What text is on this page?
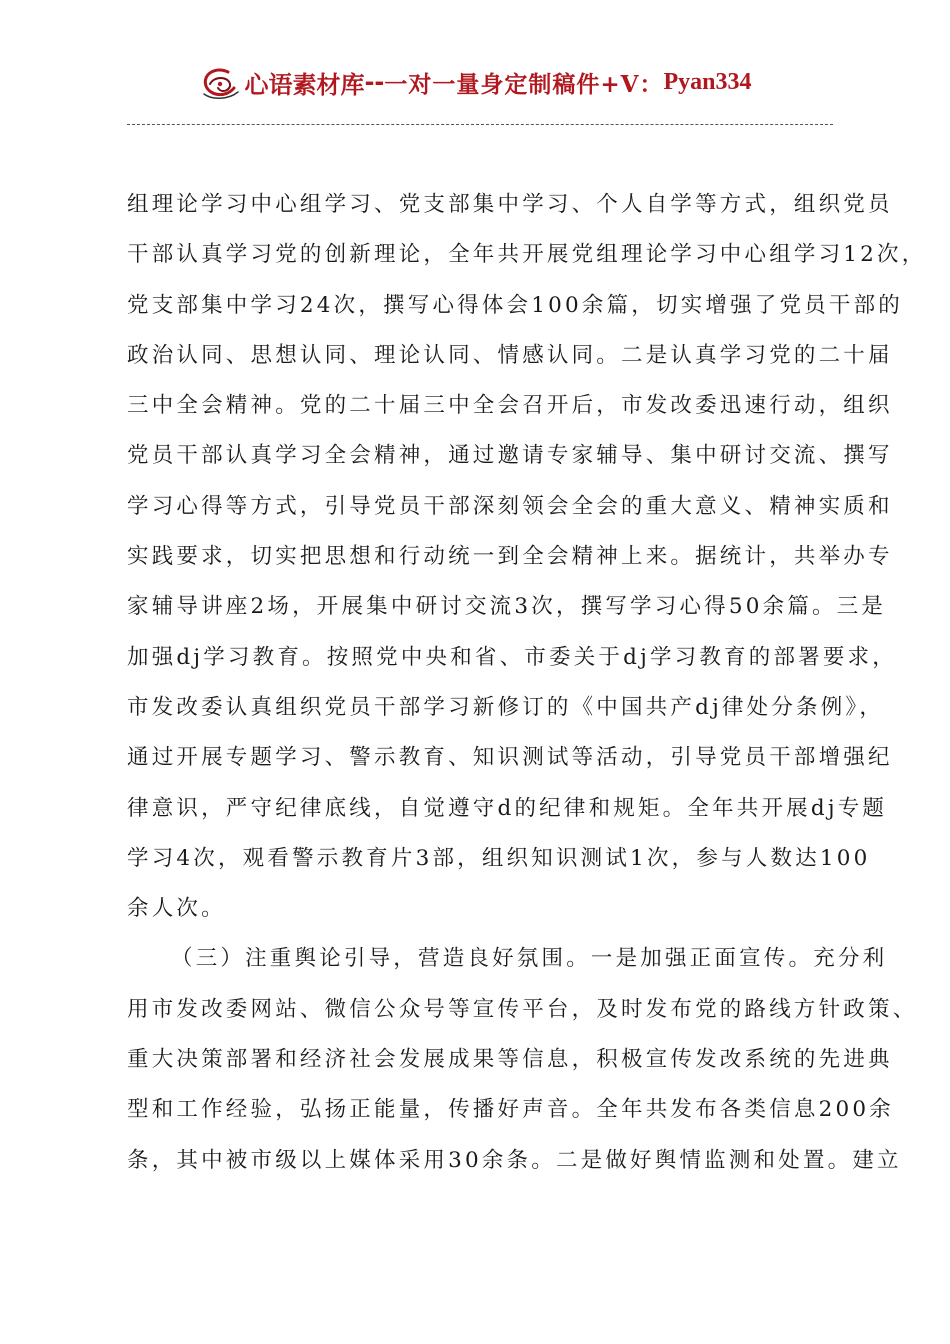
心语素材库 -- 一对一量身定制稿件+V： Pyan334
组理论学习中心组学习、党支部集中学习、个人自学等方式，组织党员
干部认真学习党的创新理论，全年共开展党组理论学习中心组学习12次，
党支部集中学习24次，撰写心得体会100余篇，切实增强了党员干部的
政治认同、思想认同、理论认同、情感认同。二是认真学习党的二十届
三中全会精神。党的二十届三中全会召开后，市发改委迅速行动，组织
党员干部认真学习全会精神，通过邀请专家辅导、集中研讨交流、撰写
学习心得等方式，引导党员干部深刻领会全会的重大意义、精神实质和
实践要求，切实把思想和行动统一到全会精神上来。据统计，共举办专
家辅导讲座2场，开展集中研讨交流3次，撰写学习心得50余篇。三是
加强dj学习教育。按照党中央和省、市委关于dj学习教育的部署要求，
市发改委认真组织党员干部学习新修订的《中国共产dj律处分条例》，
通过开展专题学习、警示教育、知识测试等活动，引导党员干部增强纪
律意识，严守纪律底线，自觉遵守d的纪律和规矩。全年共开展dj专题
学习4次，观看警示教育片3部，组织知识测试1次，参与人数达100
余人次。
（三）注重舆论引导，营造良好氛围。一是加强正面宣传。充分利
用市发改委网站、微信公众号等宣传平台，及时发布党的路线方针政策、
重大决策部署和经济社会发展成果等信息，积极宣传发改系统的先进典
型和工作经验，弘扬正能量，传播好声音。全年共发布各类信息200余
条，其中被市级以上媒体采用30余条。二是做好舆情监测和处置。建立
